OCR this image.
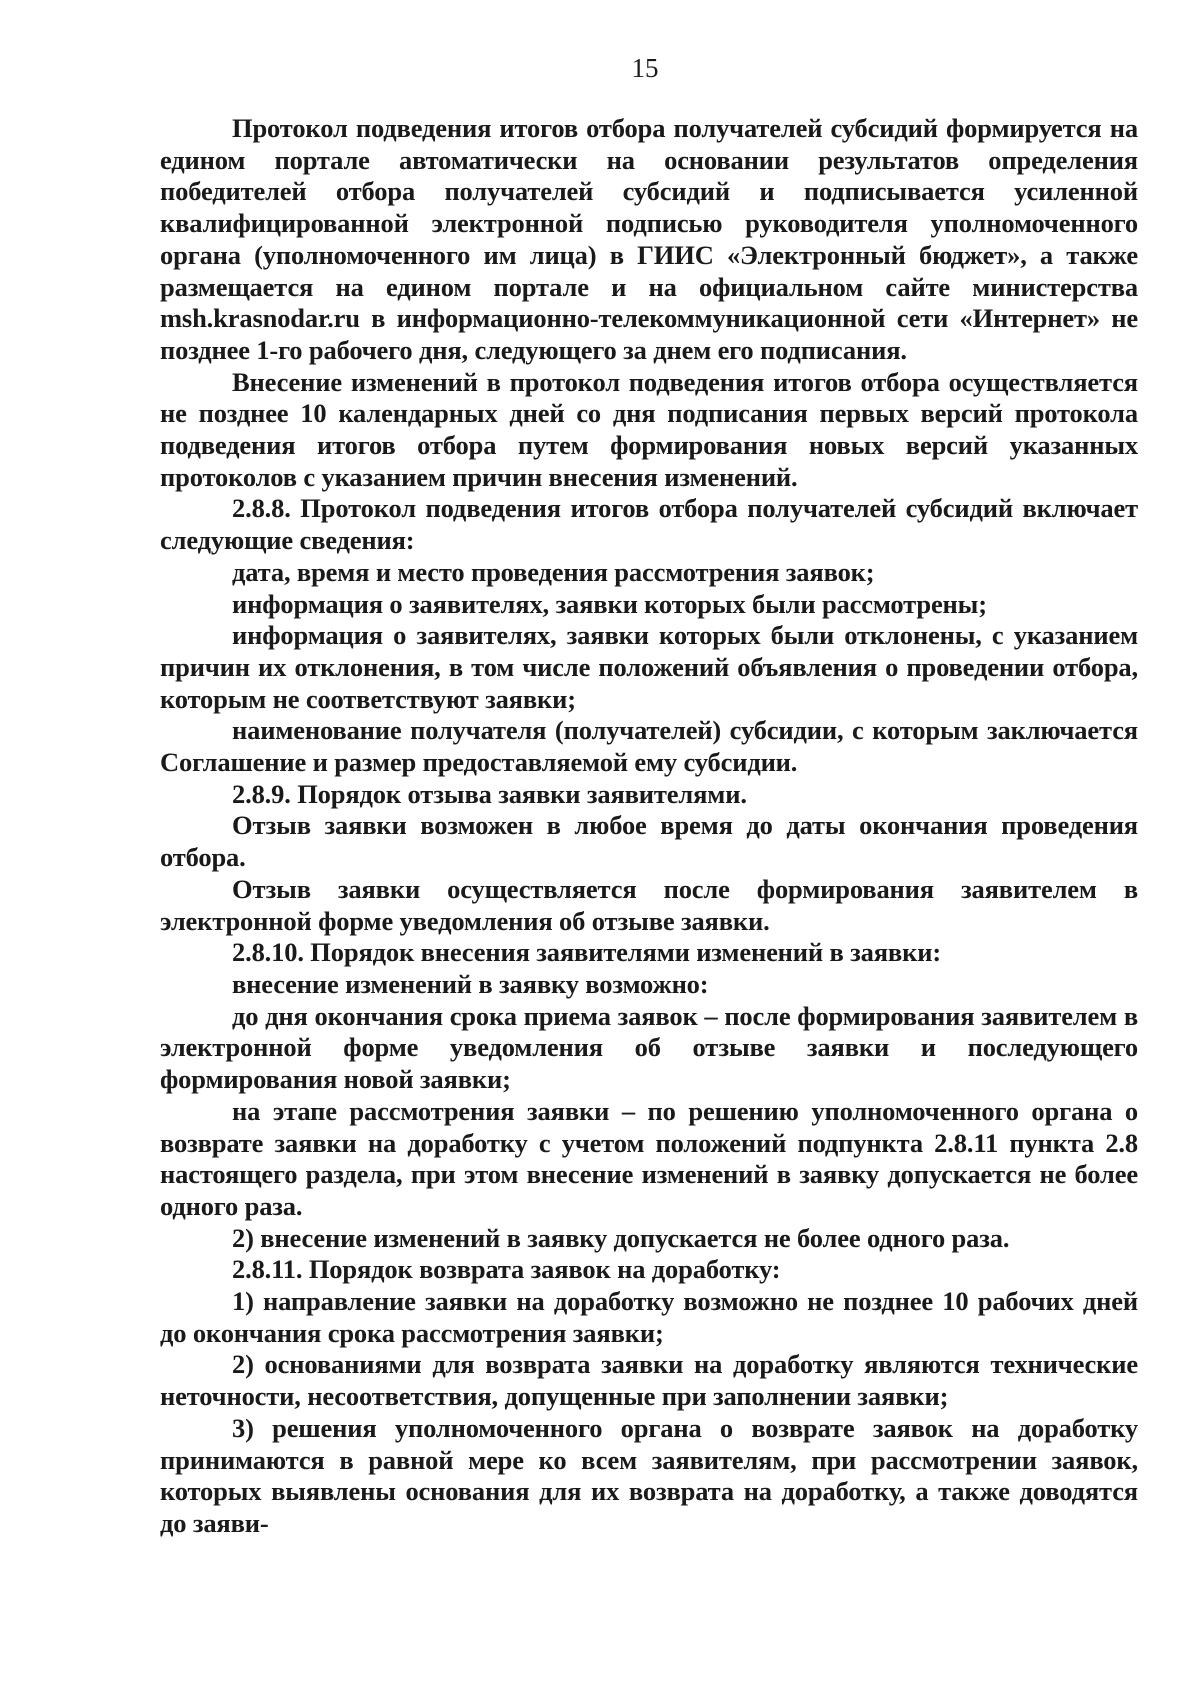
15

Протокол подведения итогов отбора получателей субсидий формируется на едином портале автоматически на основании результатов определения победителей отбора получателей субсидий и подписывается усиленной квалифицированной электронной подписью руководителя уполномоченного органа (уполномоченного им лица) в ГИИС «Электронный бюджет», а также размещается на едином портале и на официальном сайте министерства msh.krasnodar.ru в информационно-телекоммуникационной сети «Интернет» не позднее 1-го рабочего дня, следующего за днем его подписания.

Внесение изменений в протокол подведения итогов отбора осуществляется не позднее 10 календарных дней со дня подписания первых версий протокола подведения итогов отбора путем формирования новых версий указанных протоколов с указанием причин внесения изменений.

2.8.8. Протокол подведения итогов отбора получателей субсидий включает следующие сведения:

дата, время и место проведения рассмотрения заявок;

информация о заявителях, заявки которых были рассмотрены;

информация о заявителях, заявки которых были отклонены, с указанием причин их отклонения, в том числе положений объявления о проведении отбора, которым не соответствуют заявки;

наименование получателя (получателей) субсидии, с которым заключается Соглашение и размер предоставляемой ему субсидии.

2.8.9. Порядок отзыва заявки заявителями.

Отзыв заявки возможен в любое время до даты окончания проведения отбора.

Отзыв заявки осуществляется после формирования заявителем в электронной форме уведомления об отзыве заявки.

2.8.10. Порядок внесения заявителями изменений в заявки:

внесение изменений в заявку возможно:

до дня окончания срока приема заявок – после формирования заявителем в электронной форме уведомления об отзыве заявки и последующего формирования новой заявки;

на этапе рассмотрения заявки – по решению уполномоченного органа о возврате заявки на доработку с учетом положений подпункта 2.8.11 пункта 2.8 настоящего раздела, при этом внесение изменений в заявку допускается не более одного раза.

2) внесение изменений в заявку допускается не более одного раза.

2.8.11. Порядок возврата заявок на доработку:

1) направление заявки на доработку возможно не позднее 10 рабочих дней до окончания срока рассмотрения заявки;

2) основаниями для возврата заявки на доработку являются технические неточности, несоответствия, допущенные при заполнении заявки;

3) решения уполномоченного органа о возврате заявок на доработку принимаются в равной мере ко всем заявителям, при рассмотрении заявок, которых выявлены основания для их возврата на доработку, а также доводятся до заяви-
